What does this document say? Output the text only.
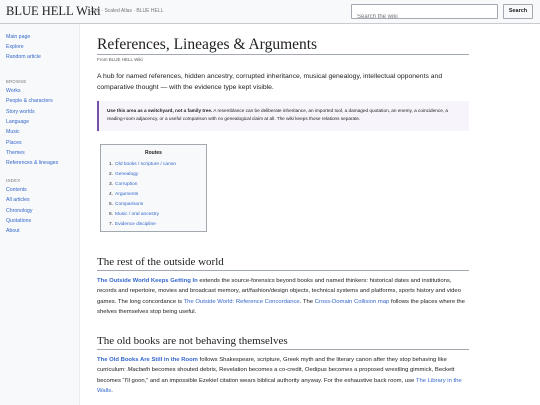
BLUE HELL Wiki
JQD · Scaled Atlas · BLUE HELL
Search the wiki	Search
Main page
Explore
Random article
BROWSE
Works
People & characters
Story worlds
Language
Music
Places
Themes
References & lineages
INDEX
Contents
All articles
Chronology
Quotations
About
References, Lineages & Arguments
From BLUE HELL Wiki

A hub for named references, hidden ancestry, corrupted inheritance, musical genealogy, intellectual opponents and comparative thought — with the evidence type kept visible.

Use this area as a switchyard, not a family tree. A resemblance can be deliberate inheritance, an imported tool, a damaged quotation, an enemy, a coincidence, a reading-room adjacency, or a useful comparison with no genealogical claim at all. The wiki keeps those relations separate.
Routes
1. Old books / scripture / canon
2. Genealogy
3. Corruption
4. Arguments
5. Comparisons
6. Music / oral ancestry
7. Evidence discipline
The rest of the outside world

The Outside World Keeps Getting In extends the source-forensics beyond books and named thinkers: historical dates and institutions, records and repertoire, movies and broadcast memory, art/fashion/design objects, technical systems and platforms, sports history and video games. The long concordance is The Outside World: Reference Concordance. The Cross-Domain Collision map follows the places where the shelves themselves stop being useful.

The old books are not behaving themselves

The Old Books Are Still in the Room follows Shakespeare, scripture, Greek myth and the literary canon after they stop behaving like curriculum: Macbeth becomes shouted debris, Revelation becomes a co-credit, Oedipus becomes a proposed wrestling gimmick, Beckett becomes “I'll goon,” and an impossible Ezekiel citation wears biblical authority anyway. For the exhaustive back room, use The Library in the Walls.
